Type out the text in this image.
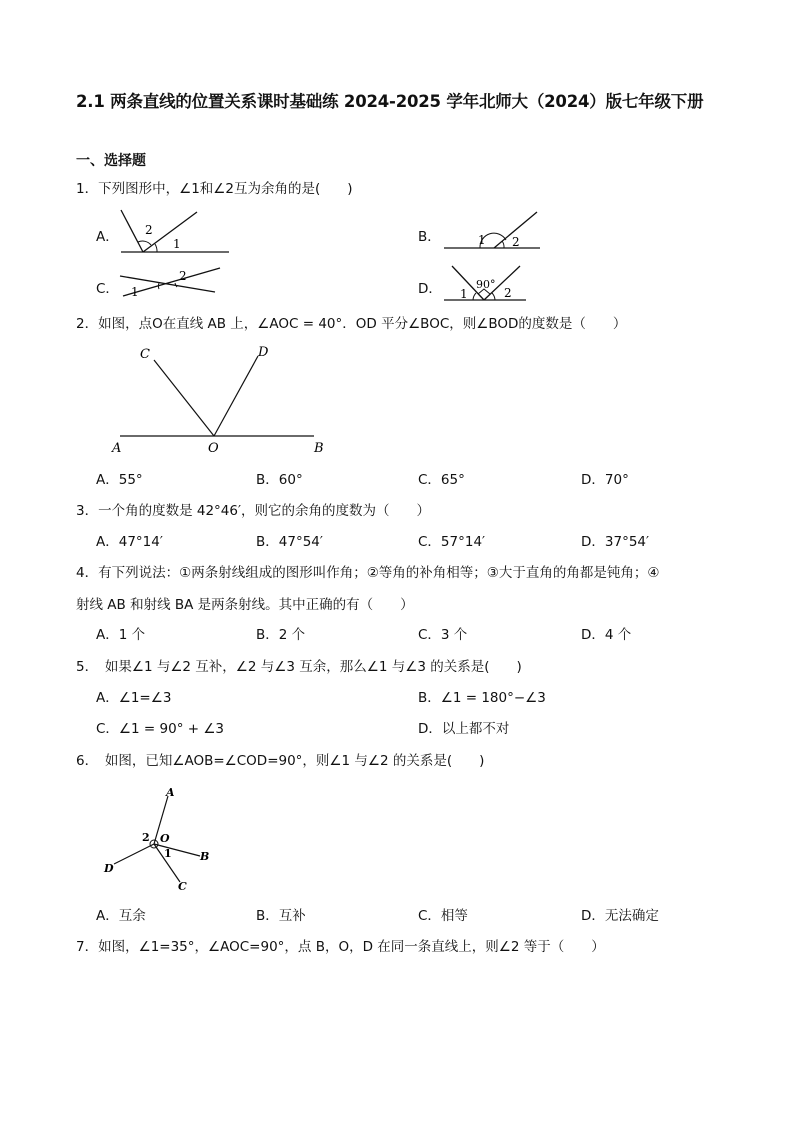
2.1 两条直线的位置关系课时基础练 2024-2025 学年北师大（2024）版七年级下册
一、选择题
1．下列图形中，∠1和∠2互为余角的是(　　)
A． 2
1	B．	1 2
C． 1
2
D．	90°
1	2
2．如图，点O在直线 AB 上，∠AOC = 40°．OD 平分∠BOC，则∠BOD的度数是（　　）
A	B
C	D
O
A．55°	B．60°	C．65°	D．70°
3．一个角的度数是 42°46′，则它的余角的度数为（　　）
A．47°14′	B．47°54′	C．57°14′	D．37°54′
4．有下列说法：①两条射线组成的图形叫作角；②等角的补角相等；③大于直角的角都是钝角；④
射线 AB 和射线 BA 是两条射线。其中正确的有（　　）
A．1 个	B．2 个	C．3 个	D．4 个
5．　如果∠1 与∠2 互补，∠2 与∠3 互余，那么∠1 与∠3 的关系是(　　)
A．∠1=∠3	B．∠1 = 180°−∠3
C．∠1 = 90° + ∠3	D．以上都不对
6．　如图，已知∠AOB=∠COD=90°，则∠1 与∠2 的关系是(　　)
A
B
C
D
O
2
1
A．互余	B．互补	C．相等	D．无法确定
7．如图，∠1=35°，∠AOC=90°，点 B，O，D 在同一条直线上，则∠2 等于（　　）
